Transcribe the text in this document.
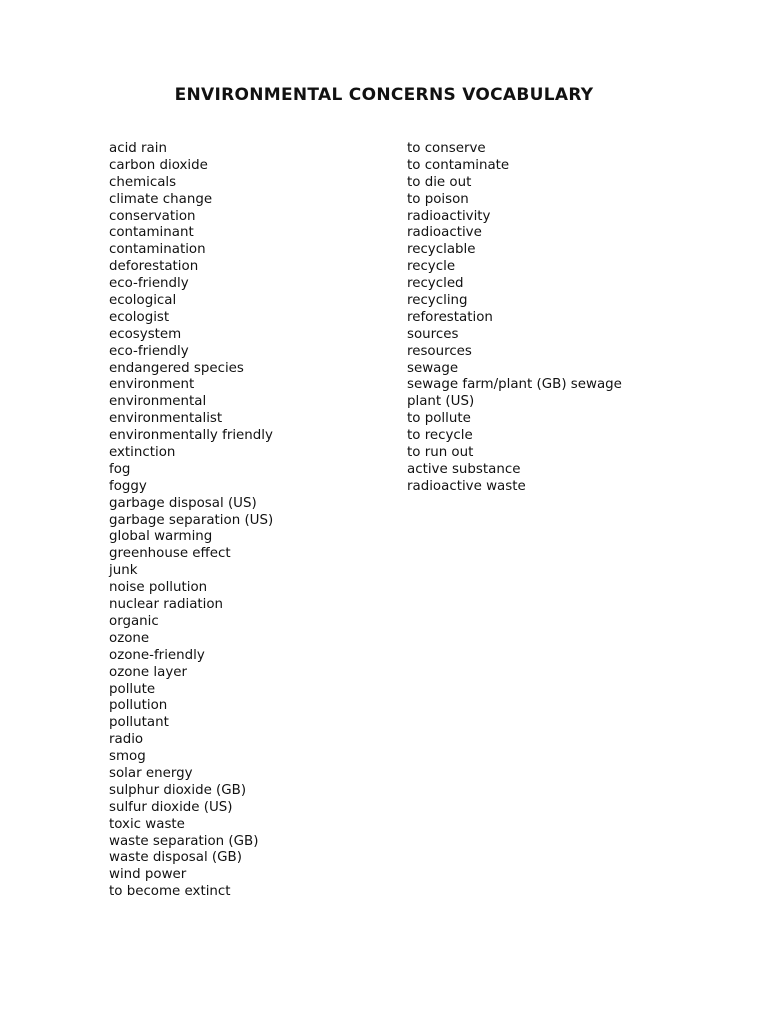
ENVIRONMENTAL CONCERNS VOCABULARY
acid rain
carbon dioxide
chemicals
climate change
conservation
contaminant
contamination
deforestation
eco-friendly
ecological
ecologist
ecosystem
eco-friendly
endangered species
environment
environmental
environmentalist
environmentally friendly
extinction
fog
foggy
garbage disposal (US)
garbage separation (US)
global warming
greenhouse effect
junk
noise pollution
nuclear radiation
organic
ozone
ozone-friendly
ozone layer
pollute
pollution
pollutant
radio
smog
solar energy
sulphur dioxide (GB)
sulfur dioxide (US)
toxic waste
waste separation (GB)
waste disposal (GB)
wind power
to become extinct
to conserve
to contaminate
to die out
to poison
radioactivity
radioactive
recyclable
recycle
recycled
recycling
reforestation
sources
resources
sewage
sewage farm/plant (GB) sewage
plant (US)
to pollute
to recycle
to run out
active substance
radioactive waste
